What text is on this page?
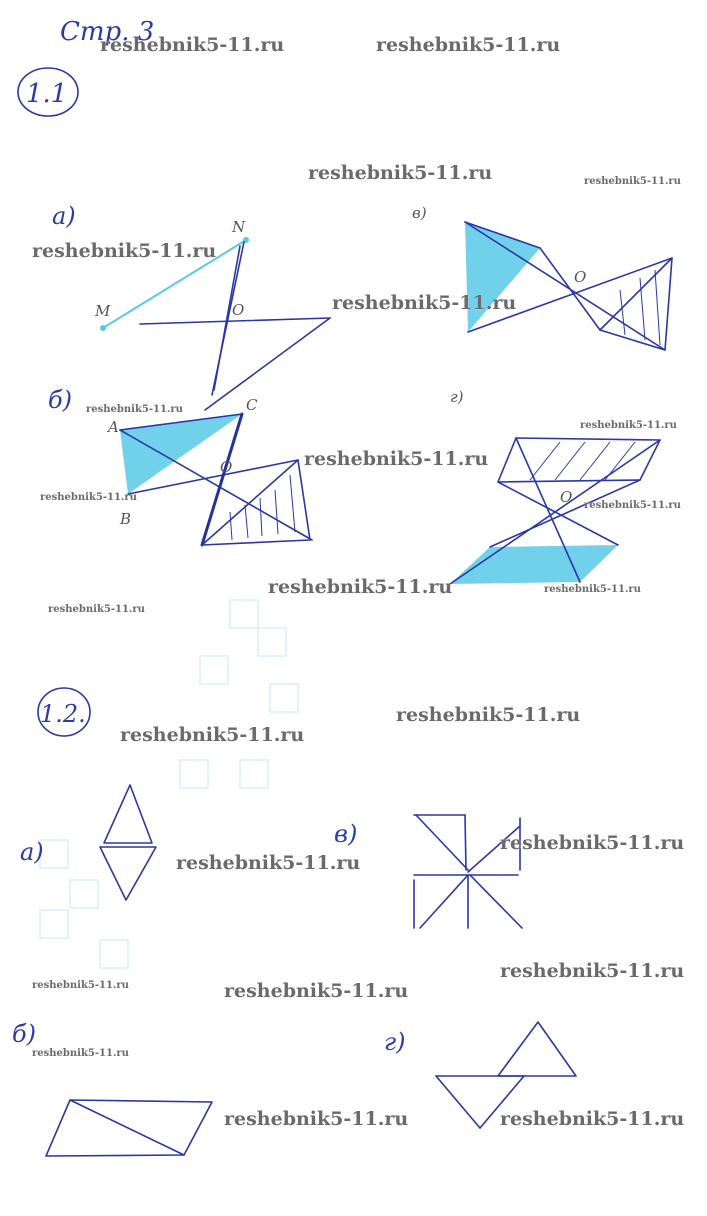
Стр. 3
1.1
а)
б)
в)
г)
N
M	O
A
B
C
O
O
O
1.2.
а)
б)
в)
г)
reshebnik5-11.ru	reshebnik5-11.ru
reshebnik5-11.ru	reshebnik5-11.ru
reshebnik5-11.ru
reshebnik5-11.ru
reshebnik5-11.ru
reshebnik5-11.ru
reshebnik5-11.ru
reshebnik5-11.ru
reshebnik5-11.ru
reshebnik5-11.ru	reshebnik5-11.ru
reshebnik5-11.ru
reshebnik5-11.ru
reshebnik5-11.ru
reshebnik5-11.ru
reshebnik5-11.ru
reshebnik5-11.ru
reshebnik5-11.ru	reshebnik5-11.ru
reshebnik5-11.ru
reshebnik5-11.ru	reshebnik5-11.ru
